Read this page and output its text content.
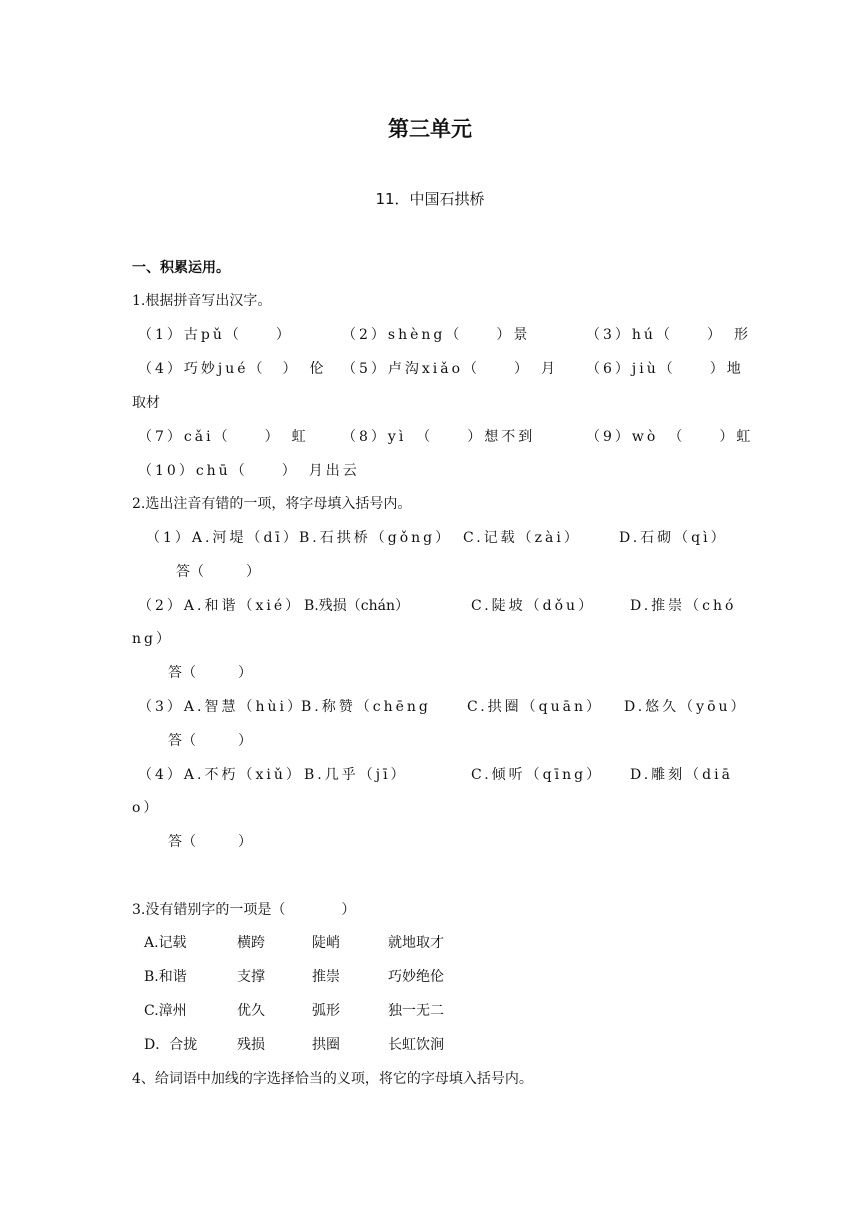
第三单元
11．中国石拱桥
一、积累运用。
1.根据拼音写出汉字。
（1）古pǔ（　　）	（2）shèng（　　）景	（3）hú（　　）　形
（4）巧妙jué（　）　伦 （5）卢沟xiǎo（　　）　月 （6）jiù（　　）地
取材
（7）cǎi（　　）　虹 （8）yì　（　　）想不到	（9）wò　（　　）虹
（10）chū（　　）　月出云
2.选出注音有错的一项，将字母填入括号内。
（1）A.河堤（dī） B.石拱桥（gǒng） C.记载（zài）	D.石砌（qì）
答（　　　）
（2）A.和谐（xié） B.残损（chán）	C.陡坡（dǒu） D.推崇（chó
ng）
答（　　　）
（3）A.智慧（hùi）
B.称赞（chēng	C.拱圈（quān） D.悠久（yōu）
答（　　　）
（4）A.不朽（xiǔ） B.几乎（jī）	C.倾听（qīng） D.雕刻（diā
o）
答（　　　）
3.没有错别字的一项是（　　　　）
A.记载	横跨	陡峭	就地取才
B.和谐	支撑	推崇	巧妙绝伦
C.漳州	优久	弧形	独一无二
D．合拢	残损	拱圈	长虹饮涧
4、给词语中加线的字选择恰当的义项，将它的字母填入括号内。
